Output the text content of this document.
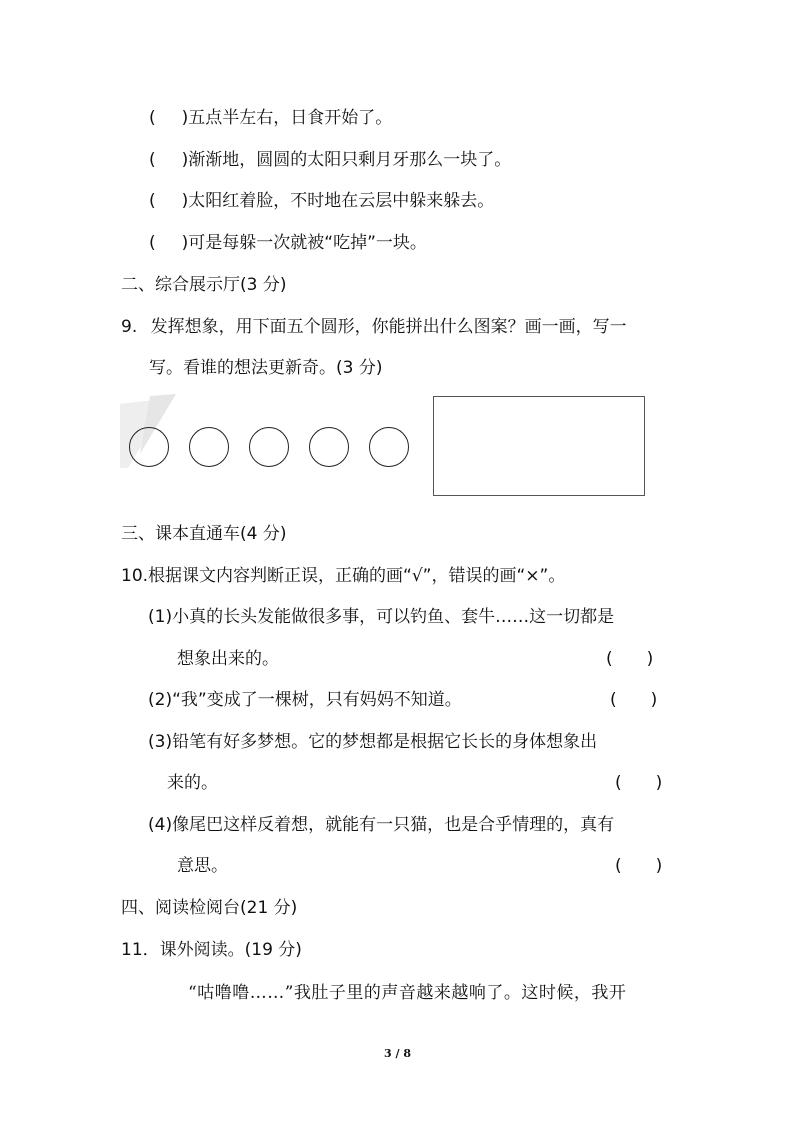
( )五点半左右，日食开始了。
( )渐渐地，圆圆的太阳只剩月牙那么一块了。
( )太阳红着脸，不时地在云层中躲来躲去。
( )可是每躲一次就被“吃掉”一块。
二、综合展示厅(3 分)
9. 发挥想象，用下面五个圆形，你能拼出什么图案？画一画，写一
写。看谁的想法更新奇。(3 分)
三、课本直通车(4 分)
10.根据课文内容判断正误，正确的画“√”，错误的画“×”。
(1)小真的长头发能做很多事，可以钓鱼、套牛……这一切都是
想象出来的。	(　　)
(2)“我”变成了一棵树，只有妈妈不知道。	(　　)
(3)铅笔有好多梦想。它的梦想都是根据它长长的身体想象出
来的。	(　　)
(4)像尾巴这样反着想，就能有一只猫，也是合乎情理的，真有
意思。	(　　)
四、阅读检阅台(21 分)
11．课外阅读。(19 分)
“咕噜噜……”我肚子里的声音越来越响了。这时候，我开
3 / 8
